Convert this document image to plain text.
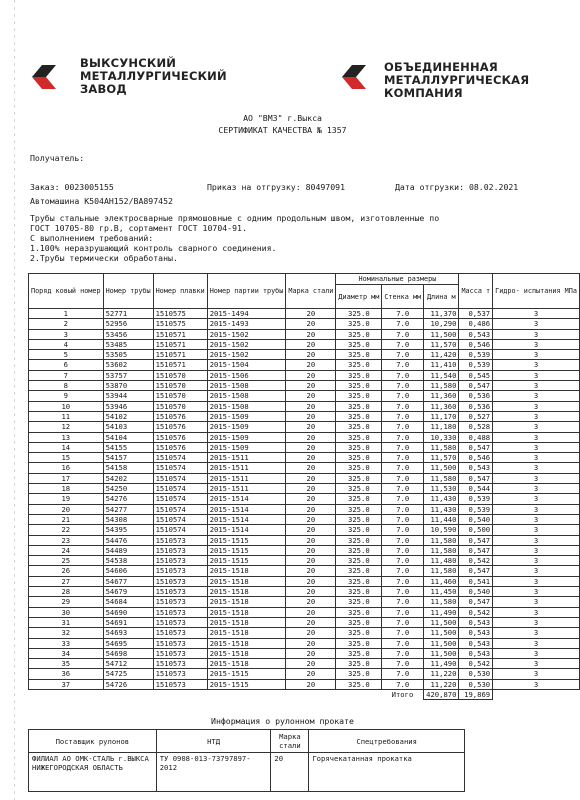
ВЫКСУНСКИЙ
МЕТАЛЛУРГИЧЕСКИЙ
ЗАВОД
ОБЪЕДИНЕННАЯ
МЕТАЛЛУРГИЧЕСКАЯ
КОМПАНИЯ
АО "ВМЗ" г.Выкса
СЕРТИФИКАТ КАЧЕСТВА № 1357
Получатель:
Заказ: 0023005155	Приказ на отгрузку: 80497091	Дата отгрузки: 08.02.2021
Автомашина К504АН152/ВА897452
Трубы стальные электросварные прямошовные с одним продольным швом, изготовленные по
ГОСТ 10705-80 гр.В, сортамент ГОСТ 10704-91.
С выполнением требований:
1.100% неразрушающий контроль сварного соединения.
2.Трубы термически обработаны.
Поряд ковый номер	Номер трубы	Номер плавки	Номер партии трубы	Марка стали	Номинальные размеры			Масса т	Гидро- испытания МПа
					Диаметр мм	Стенка мм	Длина м		
1	52771	1510575	2015-1494	20	325.0	7.0	11,370	0,537	3
2	52956	1510575	2015-1493	20	325.0	7.0	10,290	0,486	3
3	53456	1510571	2015-1502	20	325.0	7.0	11,500	0,543	3
4	53485	1510571	2015-1502	20	325.0	7.0	11,570	0,546	3
5	53505	1510571	2015-1502	20	325.0	7.0	11,420	0,539	3
6	53602	1510571	2015-1504	20	325.0	7.0	11,410	0,539	3
7	53757	1510570	2015-1506	20	325.0	7.0	11,540	0,545	3
8	53870	1510570	2015-1508	20	325.0	7.0	11,580	0,547	3
9	53944	1510570	2015-1508	20	325.0	7.0	11,360	0,536	3
10	53946	1510570	2015-1508	20	325.0	7.0	11,360	0,536	3
11	54102	1510576	2015-1509	20	325.0	7.0	11,170	0,527	3
12	54103	1510576	2015-1509	20	325.0	7.0	11,180	0,528	3
13	54104	1510576	2015-1509	20	325.0	7.0	10,330	0,488	3
14	54155	1510576	2015-1509	20	325.0	7.0	11,580	0,547	3
15	54157	1510574	2015-1511	20	325.0	7.0	11,570	0,546	3
16	54158	1510574	2015-1511	20	325.0	7.0	11,500	0,543	3
17	54202	1510574	2015-1511	20	325.0	7.0	11,580	0,547	3
18	54250	1510574	2015-1511	20	325.0	7.0	11,530	0,544	3
19	54276	1510574	2015-1514	20	325.0	7.0	11,430	0,539	3
20	54277	1510574	2015-1514	20	325.0	7.0	11,430	0,539	3
21	54308	1510574	2015-1514	20	325.0	7.0	11,440	0,540	3
22	54395	1510574	2015-1514	20	325.0	7.0	10,590	0,500	3
23	54476	1510573	2015-1515	20	325.0	7.0	11,580	0,547	3
24	54489	1510573	2015-1515	20	325.0	7.0	11,580	0,547	3
25	54538	1510573	2015-1515	20	325.0	7.0	11,480	0,542	3
26	54606	1510573	2015-1518	20	325.0	7.0	11,580	0,547	3
27	54677	1510573	2015-1518	20	325.0	7.0	11,460	0,541	3
28	54679	1510573	2015-1518	20	325.0	7.0	11,450	0,540	3
29	54684	1510573	2015-1518	20	325.0	7.0	11,580	0,547	3
30	54690	1510573	2015-1518	20	325.0	7.0	11,490	0,542	3
31	54691	1510573	2015-1518	20	325.0	7.0	11,500	0,543	3
32	54693	1510573	2015-1518	20	325.0	7.0	11,500	0,543	3
33	54695	1510573	2015-1518	20	325.0	7.0	11,500	0,543	3
34	54698	1510573	2015-1518	20	325.0	7.0	11,500	0,543	3
35	54712	1510573	2015-1518	20	325.0	7.0	11,490	0,542	3
36	54725	1510573	2015-1515	20	325.0	7.0	11,220	0,530	3
37	54726	1510573	2015-1515	20	325.0	7.0	11,220	0,530	3
						Итого	420,870	19,869	
Информация о рулонном прокате
Поставщик рулонов	НТД	Марка стали	Спецтребования
ФИЛИАЛ АО ОМК-СТАЛЬ г.ВЫКСА НИЖЕГОРОДСКАЯ ОБЛАСТЬ	ТУ 0908-013-73797897-2012	20	Горячекатанная прокатка
